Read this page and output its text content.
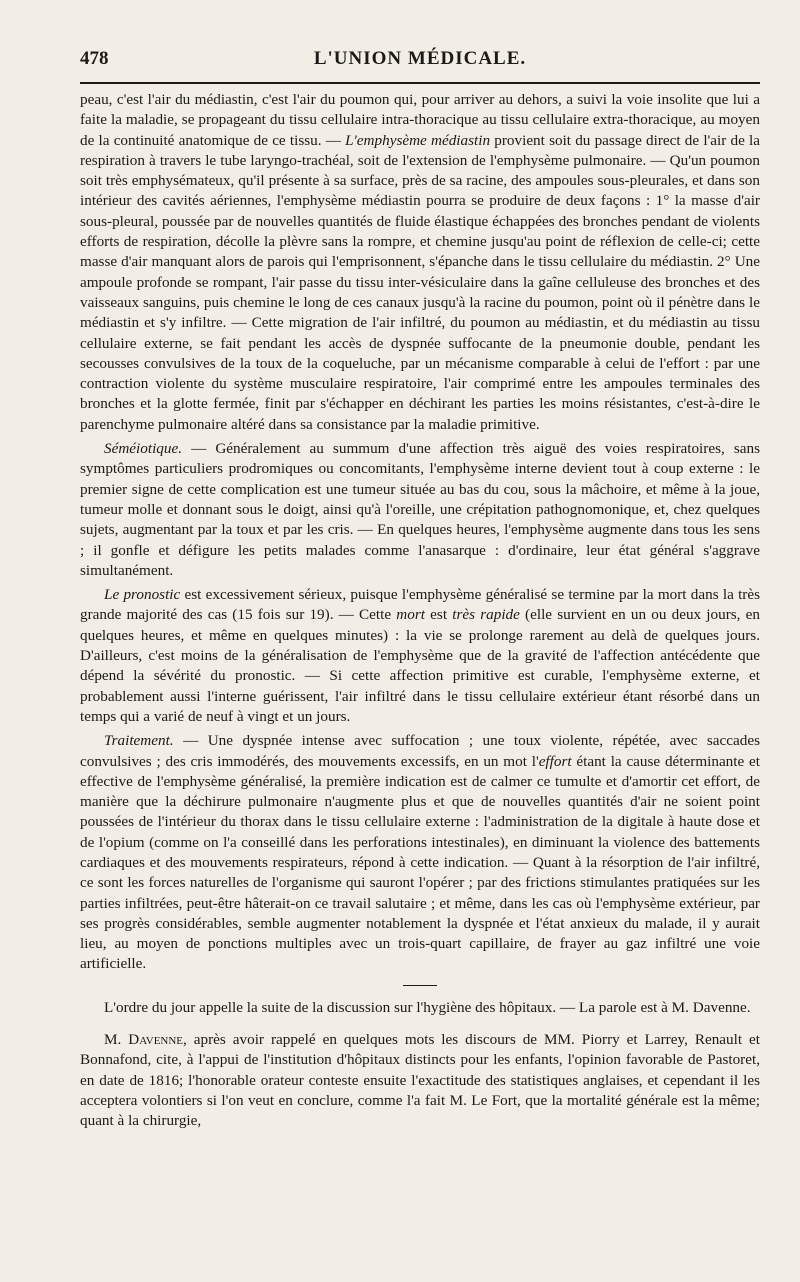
478	L'UNION MÉDICALE.

peau, c'est l'air du médiastin, c'est l'air du poumon qui, pour arriver au dehors, a suivi la voie insolite que lui a faite la maladie, se propageant du tissu cellulaire intra-thoracique au tissu cellulaire extra-thoracique, au moyen de la continuité anatomique de ce tissu. — L'emphysème médiastin provient soit du passage direct de l'air de la respiration à travers le tube laryngo-trachéal, soit de l'extension de l'emphysème pulmonaire. — Qu'un poumon soit très emphysémateux, qu'il présente à sa surface, près de sa racine, des ampoules sous-pleurales, et dans son intérieur des cavités aériennes, l'emphysème médiastin pourra se produire de deux façons : 1° la masse d'air sous-pleural, poussée par de nouvelles quantités de fluide élastique échappées des bronches pendant de violents efforts de respiration, décolle la plèvre sans la rompre, et chemine jusqu'au point de réflexion de celle-ci; cette masse d'air manquant alors de parois qui l'emprisonnent, s'épanche dans le tissu cellulaire du médiastin. 2° Une ampoule profonde se rompant, l'air passe du tissu inter-vésiculaire dans la gaîne celluleuse des bronches et des vaisseaux sanguins, puis chemine le long de ces canaux jusqu'à la racine du poumon, point où il pénètre dans le médiastin et s'y infiltre. — Cette migration de l'air infiltré, du poumon au médiastin, et du médiastin au tissu cellulaire externe, se fait pendant les accès de dyspnée suffocante de la pneumonie double, pendant les secousses convulsives de la toux de la coqueluche, par un mécanisme comparable à celui de l'effort : par une contraction violente du système musculaire respiratoire, l'air comprimé entre les ampoules terminales des bronches et la glotte fermée, finit par s'échapper en déchirant les parties les moins résistantes, c'est-à-dire le parenchyme pulmonaire altéré dans sa consistance par la maladie primitive.

Séméiotique. — Généralement au summum d'une affection très aiguë des voies respiratoires, sans symptômes particuliers prodromiques ou concomitants, l'emphysème interne devient tout à coup externe : le premier signe de cette complication est une tumeur située au bas du cou, sous la mâchoire, et même à la joue, tumeur molle et donnant sous le doigt, ainsi qu'à l'oreille, une crépitation pathognomonique, et, chez quelques sujets, augmentant par la toux et par les cris. — En quelques heures, l'emphysème augmente dans tous les sens ; il gonfle et défigure les petits malades comme l'anasarque : d'ordinaire, leur état général s'aggrave simultanément.

Le pronostic est excessivement sérieux, puisque l'emphysème généralisé se termine par la mort dans la très grande majorité des cas (15 fois sur 19). — Cette mort est très rapide (elle survient en un ou deux jours, en quelques heures, et même en quelques minutes) : la vie se prolonge rarement au delà de quelques jours. D'ailleurs, c'est moins de la généralisation de l'emphysème que de la gravité de l'affection antécédente que dépend la sévérité du pronostic. — Si cette affection primitive est curable, l'emphysème externe, et probablement aussi l'interne guérissent, l'air infiltré dans le tissu cellulaire extérieur étant résorbé dans un temps qui a varié de neuf à vingt et un jours.

Traitement. — Une dyspnée intense avec suffocation ; une toux violente, répétée, avec saccades convulsives ; des cris immodérés, des mouvements excessifs, en un mot l'effort étant la cause déterminante et effective de l'emphysème généralisé, la première indication est de calmer ce tumulte et d'amortir cet effort, de manière que la déchirure pulmonaire n'augmente plus et que de nouvelles quantités d'air ne soient point poussées de l'intérieur du thorax dans le tissu cellulaire externe : l'administration de la digitale à haute dose et de l'opium (comme on l'a conseillé dans les perforations intestinales), en diminuant la violence des battements cardiaques et des mouvements respirateurs, répond à cette indication. — Quant à la résorption de l'air infiltré, ce sont les forces naturelles de l'organisme qui sauront l'opérer ; par des frictions stimulantes pratiquées sur les parties infiltrées, peut-être hâterait-on ce travail salutaire ; et même, dans les cas où l'emphysème extérieur, par ses progrès considérables, semble augmenter notablement la dyspnée et l'état anxieux du malade, il y aurait lieu, au moyen de ponctions multiples avec un trois-quart capillaire, de frayer au gaz infiltré une voie artificielle.

L'ordre du jour appelle la suite de la discussion sur l'hygiène des hôpitaux. — La parole est à M. Davenne.

M. Davenne, après avoir rappelé en quelques mots les discours de MM. Piorry et Larrey, Renault et Bonnafond, cite, à l'appui de l'institution d'hôpitaux distincts pour les enfants, l'opinion favorable de Pastoret, en date de 1816; l'honorable orateur conteste ensuite l'exactitude des statistiques anglaises, et cependant il les acceptera volontiers si l'on veut en conclure, comme l'a fait M. Le Fort, que la mortalité générale est la même; quant à la chirurgie,
